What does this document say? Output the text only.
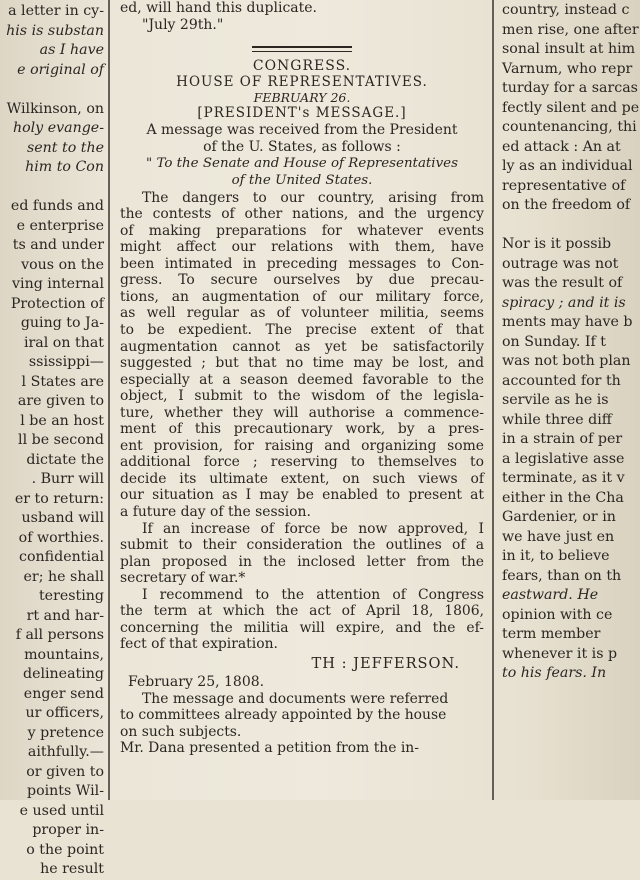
a letter in cy-
his is substan
as I have
e original of
Wilkinson, on
holy evange-
sent to the
him to Con
ed funds and
e enterprise
ts and under
vous on the
ving internal
Protection of
guing to Ja-
iral on that
ssissippi—
l States are
are given to
l be an host
ll be second
dictate the
. Burr will
er to return:
usband will
of worthies.
confidential
er; he shall
teresting
rt and har-
f all persons
mountains,
delineating
enger send
ur officers,
y pretence
aithfully.—
or given to
points Wil-
e used until
proper in-
o the point
he result
ed, will hand this duplicate.
"July 29th."
CONGRESS.
HOUSE OF REPRESENTATIVES.
FEBRUARY 26.
[PRESIDENT's MESSAGE.]
A message was received from the President
of the U. States, as follows :
" To the Senate and House of Representatives
of the United States.

The dangers to our country, arising from
the contests of other nations, and the urgency
of making preparations for whatever events
might affect our relations with them, have
been intimated in preceding messages to Con-
gress. To secure ourselves by due precau-
tions, an augmentation of our military force,
as well regular as of volunteer militia, seems
to be expedient. The precise extent of that
augmentation cannot as yet be satisfactorily
suggested ; but that no time may be lost, and
especially at a season deemed favorable to the
object, I submit to the wisdom of the legisla-
ture, whether they will authorise a commence-
ment of this precautionary work, by a pres-
ent provision, for raising and organizing some
additional force ; reserving to themselves to
decide its ultimate extent, on such views of
our situation as I may be enabled to present at
a future day of the session.

If an increase of force be now approved, I
submit to their consideration the outlines of a
plan proposed in the inclosed letter from the
secretary of war.*

I recommend to the attention of Congress
the term at which the act of April 18, 1806,
concerning the militia will expire, and the ef-
fect of that expiration.

TH : JEFFERSON.
February 25, 1808.

The message and documents were referred
to committees already appointed by the house
on such subjects.
Mr. Dana presented a petition from the in-

country, instead c
men rise, one after
sonal insult at him
Varnum, who repr
turday for a sarcas
fectly silent and pe
countenancing, thi
ed attack : An at
ly as an individual
representative of
on the freedom of
Nor is it possib
outrage was not
was the result of
spiracy ; and it is
ments may have b
on Sunday. If t
was not both plan
accounted for th
servile as he is
while three diff
in a strain of per
a legislative asse
terminate, as it v
either in the Cha
Gardenier, or in
we have just en
in it, to believe
fears, than on th
eastward. He
opinion with ce
term member
whenever it is p
to his fears. In
